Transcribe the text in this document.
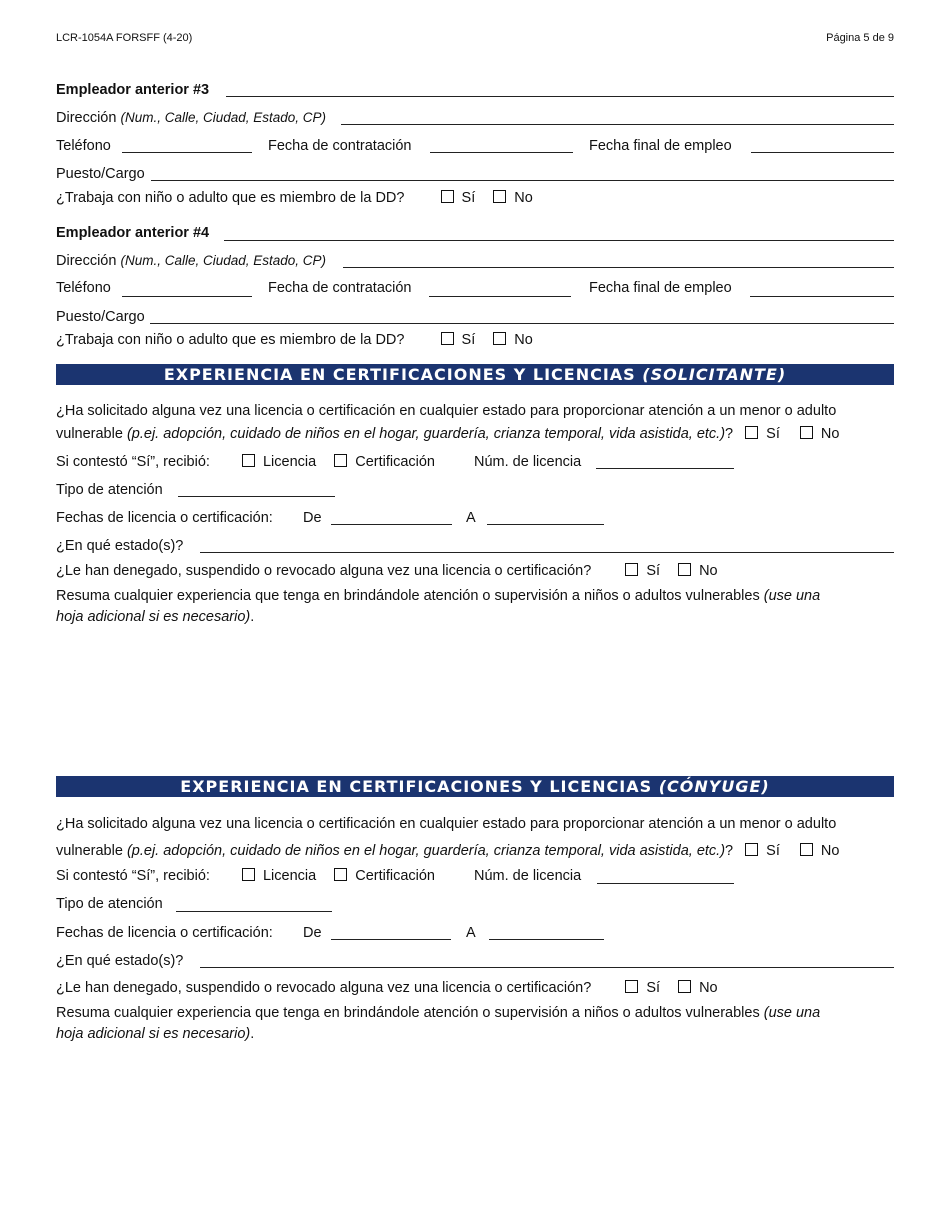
LCR-1054A FORSFF (4-20)	Página 5 de 9
Empleador anterior #3
Dirección (Num., Calle, Ciudad, Estado, CP)
Teléfono	Fecha de contratación	Fecha final de empleo
Puesto/Cargo
¿Trabaja con niño o adulto que es miembro de la DD?	Sí	No
Empleador anterior #4
Dirección (Num., Calle, Ciudad, Estado, CP)
Teléfono	Fecha de contratación	Fecha final de empleo
Puesto/Cargo
¿Trabaja con niño o adulto que es miembro de la DD?	Sí	No
EXPERIENCIA EN CERTIFICACIONES Y LICENCIAS (SOLICITANTE)
¿Ha solicitado alguna vez una licencia o certificación en cualquier estado para proporcionar atención a un menor o adulto
vulnerable (p.ej. adopción, cuidado de niños en el hogar, guardería, crianza temporal, vida asistida, etc.)? Sí	No
Si contestó “Sí”, recibió:	Licencia	Certificación	Núm. de licencia
Tipo de atención
Fechas de licencia o certificación: De	A
¿En qué estado(s)?
¿Le han denegado, suspendido o revocado alguna vez una licencia o certificación?	Sí	No
Resuma cualquier experiencia que tenga en brindándole atención o supervisión a niños o adultos vulnerables (use una
hoja adicional si es necesario).
EXPERIENCIA EN CERTIFICACIONES Y LICENCIAS (CÓNYUGE)
¿Ha solicitado alguna vez una licencia o certificación en cualquier estado para proporcionar atención a un menor o adulto
vulnerable (p.ej. adopción, cuidado de niños en el hogar, guardería, crianza temporal, vida asistida, etc.)? Sí	No
Si contestó “Sí”, recibió:	Licencia	Certificación	Núm. de licencia
Tipo de atención
Fechas de licencia o certificación: De	A
¿En qué estado(s)?
¿Le han denegado, suspendido o revocado alguna vez una licencia o certificación?	Sí	No
Resuma cualquier experiencia que tenga en brindándole atención o supervisión a niños o adultos vulnerables (use una
hoja adicional si es necesario).
